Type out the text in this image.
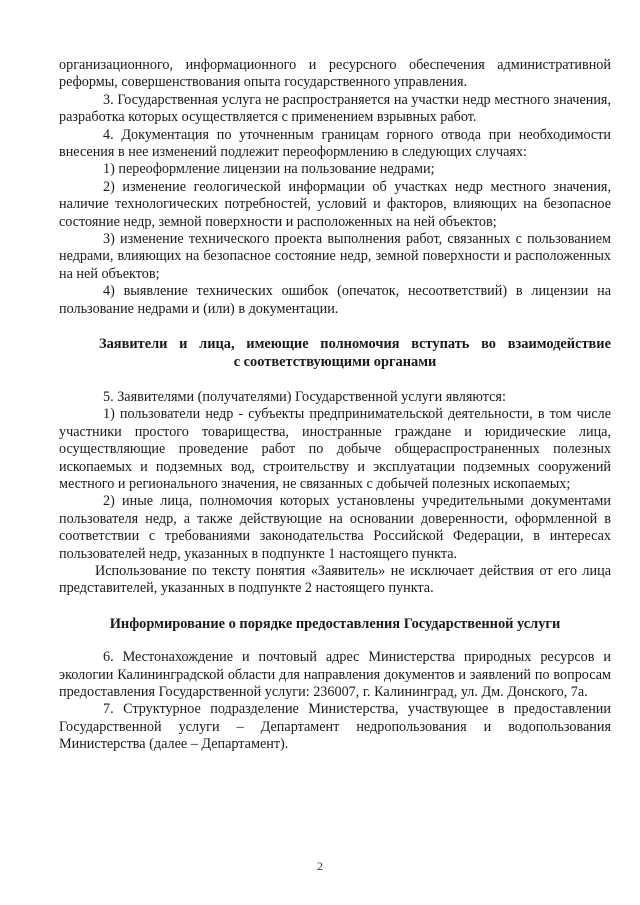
организационного, информационного и ресурсного обеспечения административной реформы, совершенствования опыта государственного управления.

3. Государственная услуга не распространяется на участки недр местного значения, разработка которых осуществляется с применением взрывных работ.

4. Документация по уточненным границам горного отвода при необходимости внесения в нее изменений подлежит переоформлению в следующих случаях:

1) переоформление лицензии на пользование недрами;

2) изменение геологической информации об участках недр местного значения, наличие технологических потребностей, условий и факторов, влияющих на безопасное состояние недр, земной поверхности и расположенных на ней объектов;

3) изменение технического проекта выполнения работ, связанных с пользованием недрами, влияющих на безопасное состояние недр, земной поверхности и расположенных на ней объектов;

4) выявление технических ошибок (опечаток, несоответствий) в лицензии на пользование недрами и (или) в документации.

Заявители и лица, имеющие полномочия вступать во взаимодействие
с соответствующими органами

5. Заявителями (получателями) Государственной услуги являются:

1) пользователи недр - субъекты предпринимательской деятельности, в том числе участники простого товарищества, иностранные граждане и юридические лица, осуществляющие проведение работ по добыче общераспространенных полезных ископаемых и подземных вод, строительству и эксплуатации подземных сооружений местного и регионального значения, не связанных с добычей полезных ископаемых;

2) иные лица, полномочия которых установлены учредительными документами пользователя недр, а также действующие на основании доверенности, оформленной в соответствии с требованиями законодательства Российской Федерации, в интересах пользователей недр, указанных в подпункте 1 настоящего пункта.

Использование по тексту понятия «Заявитель» не исключает действия от его лица представителей, указанных в подпункте 2 настоящего пункта.

Информирование о порядке предоставления Государственной услуги

6. Местонахождение и почтовый адрес Министерства природных ресурсов и экологии Калининградской области для направления документов и заявлений по вопросам предоставления Государственной услуги: 236007, г. Калининград, ул. Дм. Донского, 7а.

7. Структурное подразделение Министерства, участвующее в предоставлении Государственной услуги – Департамент недропользования и водопользования Министерства (далее – Департамент).

2
